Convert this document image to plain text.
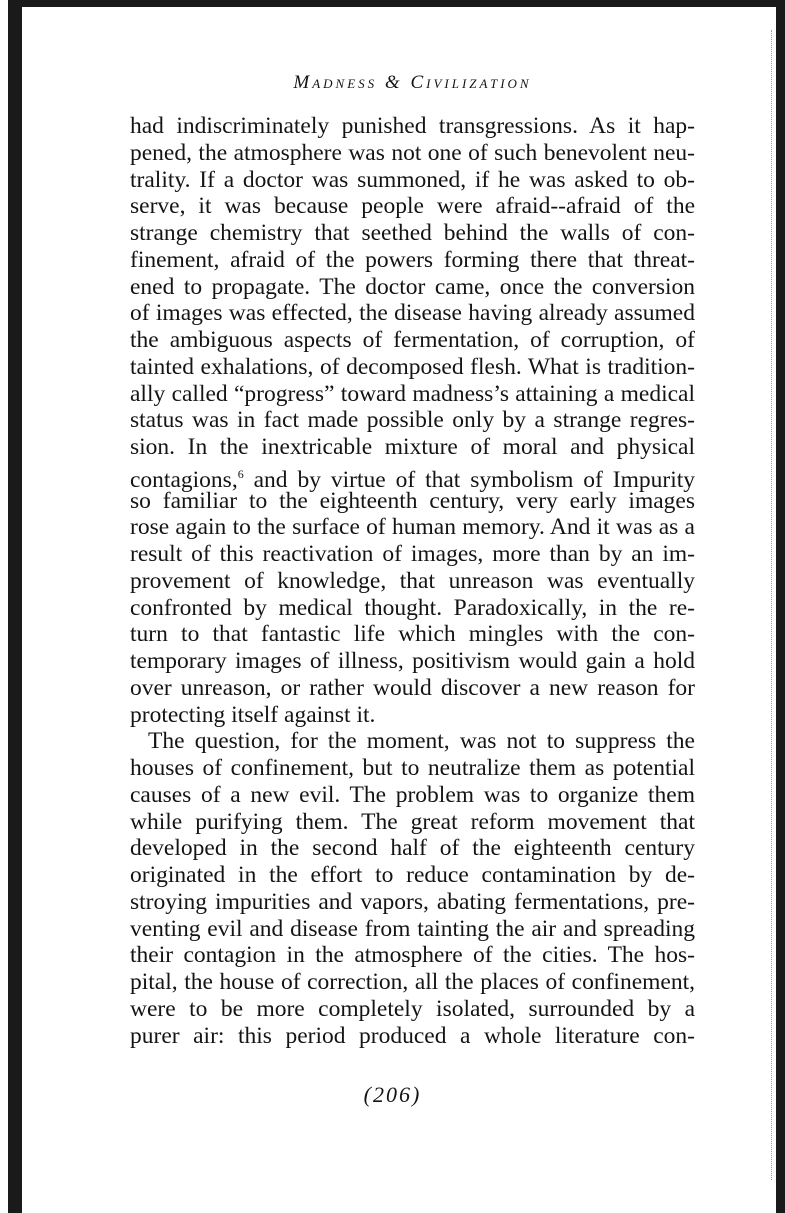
Madness & Civilization
had indiscriminately punished transgressions. As it hap-
pened, the atmosphere was not one of such benevolent neu-
trality. If a doctor was summoned, if he was asked to ob-
serve, it was because people were afraid--afraid of the
strange chemistry that seethed behind the walls of con-
finement, afraid of the powers forming there that threat-
ened to propagate. The doctor came, once the conversion
of images was effected, the disease having already assumed
the ambiguous aspects of fermentation, of corruption, of
tainted exhalations, of decomposed flesh. What is tradition-
ally called “progress” toward madness’s attaining a medical
status was in fact made possible only by a strange regres-
sion. In the inextricable mixture of moral and physical
contagions,$^6$ and by virtue of that symbolism of Impurity
so familiar to the eighteenth century, very early images
rose again to the surface of human memory. And it was as a
result of this reactivation of images, more than by an im-
provement of knowledge, that unreason was eventually
confronted by medical thought. Paradoxically, in the re-
turn to that fantastic life which mingles with the con-
temporary images of illness, positivism would gain a hold
over unreason, or rather would discover a new reason for
protecting itself against it.
The question, for the moment, was not to suppress the
houses of confinement, but to neutralize them as potential
causes of a new evil. The problem was to organize them
while purifying them. The great reform movement that
developed in the second half of the eighteenth century
originated in the effort to reduce contamination by de-
stroying impurities and vapors, abating fermentations, pre-
venting evil and disease from tainting the air and spreading
their contagion in the atmosphere of the cities. The hos-
pital, the house of correction, all the places of confinement,
were to be more completely isolated, surrounded by a
purer air: this period produced a whole literature con-
(206)
